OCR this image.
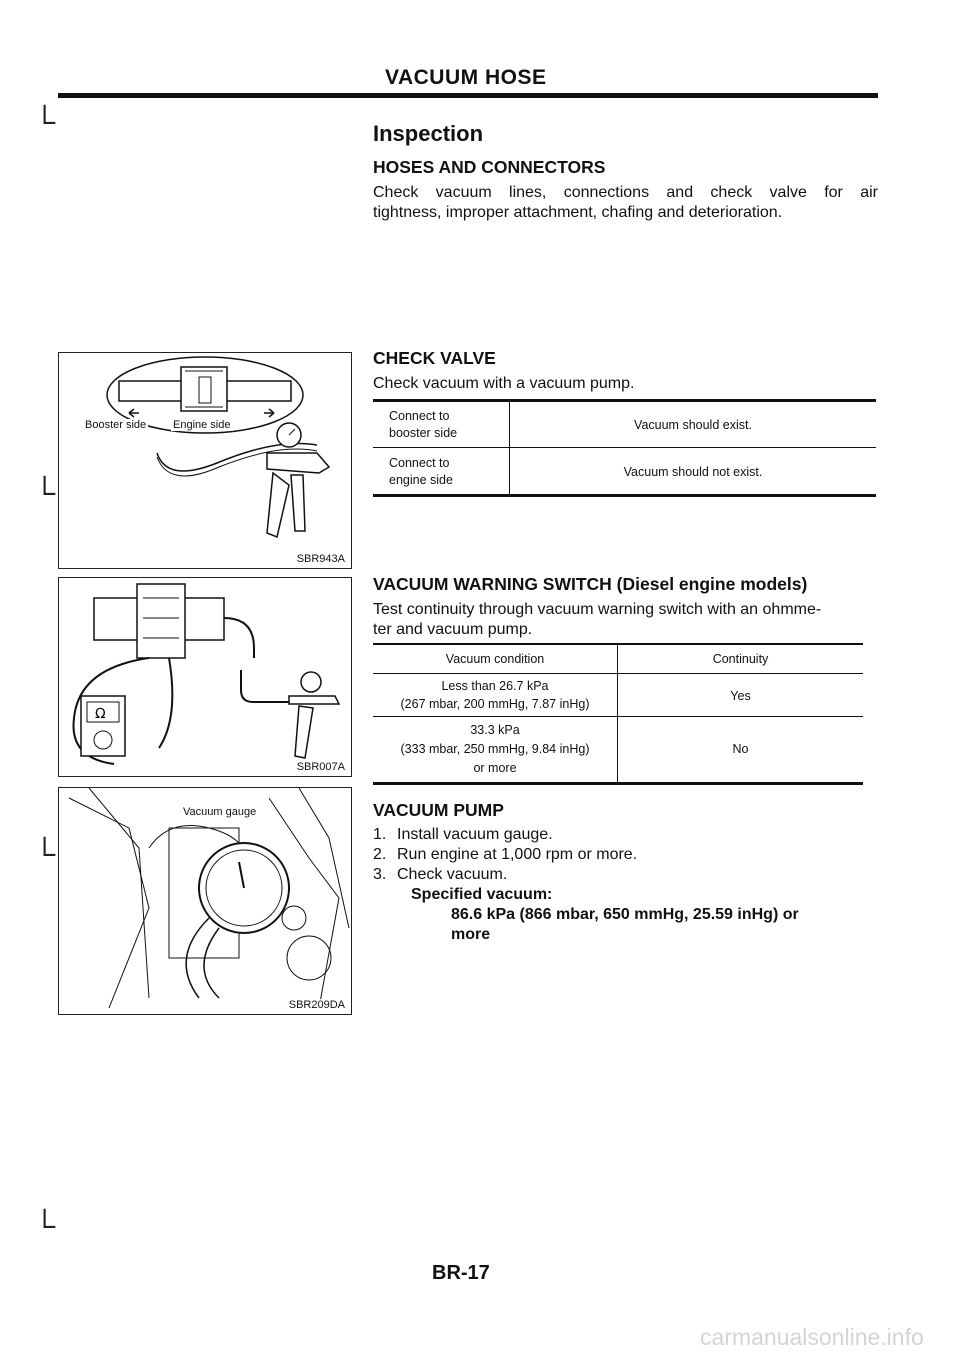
└
└
└
└
VACUUM HOSE
Inspection
HOSES AND CONNECTORS
Check vacuum lines, connections and check valve for air
tightness, improper attachment, chafing and deterioration.
Booster side Engine side
SBR943A
CHECK VALVE
Check vacuum with a vacuum pump.
Connect to
booster side
Vacuum should exist.
Connect to
engine side
Vacuum should not exist.
Ω
SBR007A
VACUUM WARNING SWITCH (Diesel engine models)
Test continuity through vacuum warning switch with an ohmme-
ter and vacuum pump.
Vacuum condition	Continuity
Less than 26.7 kPa
(267 mbar, 200 mmHg, 7.87 inHg)
Yes
33.3 kPa
(333 mbar, 250 mmHg, 9.84 inHg)
or more
No
Vacuum gauge
SBR209DA
VACUUM PUMP
1. Install vacuum gauge.
2. Run engine at 1,000 rpm or more.
3. Check vacuum.
Specified vacuum:
86.6 kPa (866 mbar, 650 mmHg, 25.59 inHg) or
more
BR-17
carmanualsonline.info
